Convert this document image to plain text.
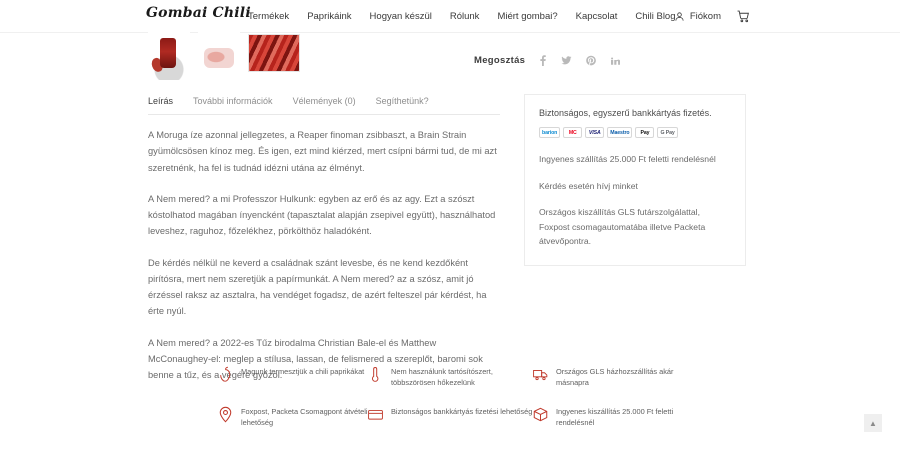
Gombai Chili
Termékek Paprikáink Hogyan készül Rólunk Miért gombai? Kapcsolat Chili Blog Fiókom
Megosztás
Leírás További információk Vélemények (0) Segíthetünk?

A Moruga íze azonnal jellegzetes, a Reaper finoman zsibbaszt, a Brain Strain gyümölcsösen kínoz meg. És igen, ezt mind kiérzed, mert csípni bármi tud, de mi azt szeretnénk, ha fel is tudnád idézni utána az élményt.

A Nem mered? a mi Professzor Hulkunk: egyben az erő és az agy. Ezt a szószt kóstolhatod magában ínyencként (tapasztalat alapján zsepivel együtt), használhatod leveshez, raguhoz, főzelékhez, pörkölthöz haladóként.

De kérdés nélkül ne keverd a családnak szánt levesbe, és ne kend kezdőként pirítósra, mert nem szeretjük a papírmunkát. A Nem mered? az a szósz, amit jó érzéssel raksz az asztalra, ha vendéget fogadsz, de azért felteszel pár kérdést, ha érte nyúl.

A Nem mered? a 2022-es Tűz birodalma Christian Bale-el és Matthew McConaughey-el: meglep a stílusa, lassan, de felismered a szereplőt, baromi sok benne a tűz, és a végére győzöl.

Biztonságos, egyszerű bankkártyás fizetés.
barion	MC	VISA	Maestro	Pay	G Pay

Ingyenes szállítás 25.000 Ft feletti rendelésnél

Kérdés esetén hívj minket

Országos kiszállítás GLS futárszolgálattal, Foxpost csomagautomatába illetve Packeta átvevőpontra.

Magunk termesztjük a chili paprikákat	Nem használunk tartósítószert, többszörösen hőkezelünk
Országos GLS házhozszállítás akár másnapra
Foxpost, Packeta Csomagpont átvételi lehetőség
Biztonságos bankkártyás fizetési lehetőség	Ingyenes kiszállítás 25.000 Ft feletti rendelésnél	▲
